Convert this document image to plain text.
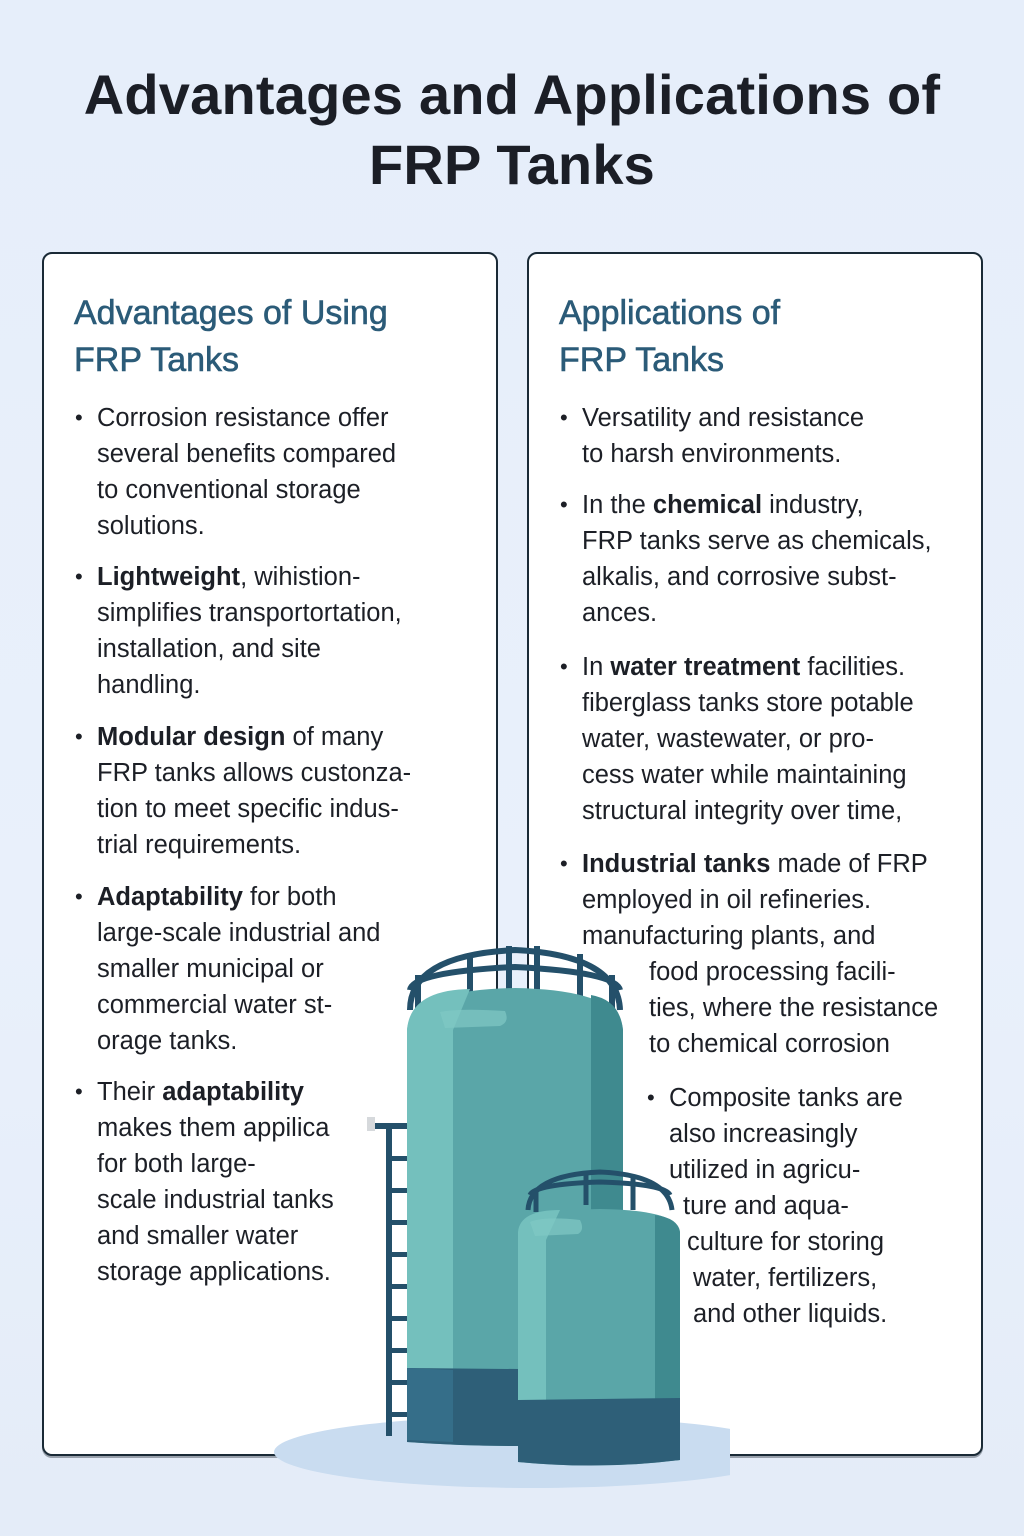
Advantages and Applications of
FRP Tanks
Advantages of Using
FRP Tanks
• Corrosion resistance offer
several benefits compared
to conventional storage
solutions.
• Lightweight, wihistion-
simplifies transportortation,
installation, and site
handling.
• Modular design of many
FRP tanks allows custonza-
tion to meet specific indus-
trial requirements.
• Adaptability for both
large-scale industrial and
smaller municipal or
commercial water st-
orage tanks.
• Their adaptability
makes them appilica
for both large-
scale industrial tanks
and smaller water
storage applications.
Applications of
FRP Tanks
• Versatility and resistance
to harsh environments.
• In the chemical industry,
FRP tanks serve as chemicals,
alkalis, and corrosive subst-
ances.
• In water treatment facilities.
fiberglass tanks store potable
water, wastewater, or pro-
cess water while maintaining
structural integrity over time,
• Industrial tanks made of FRP
employed in oil refineries.
manufacturing plants, and
food processing facili-
ties, where the resistance
to chemical corrosion
• Composite tanks are
also increasingly
utilized in agricu-
ture and aqua-
culture for storing
water, fertilizers,
and other liquids.
